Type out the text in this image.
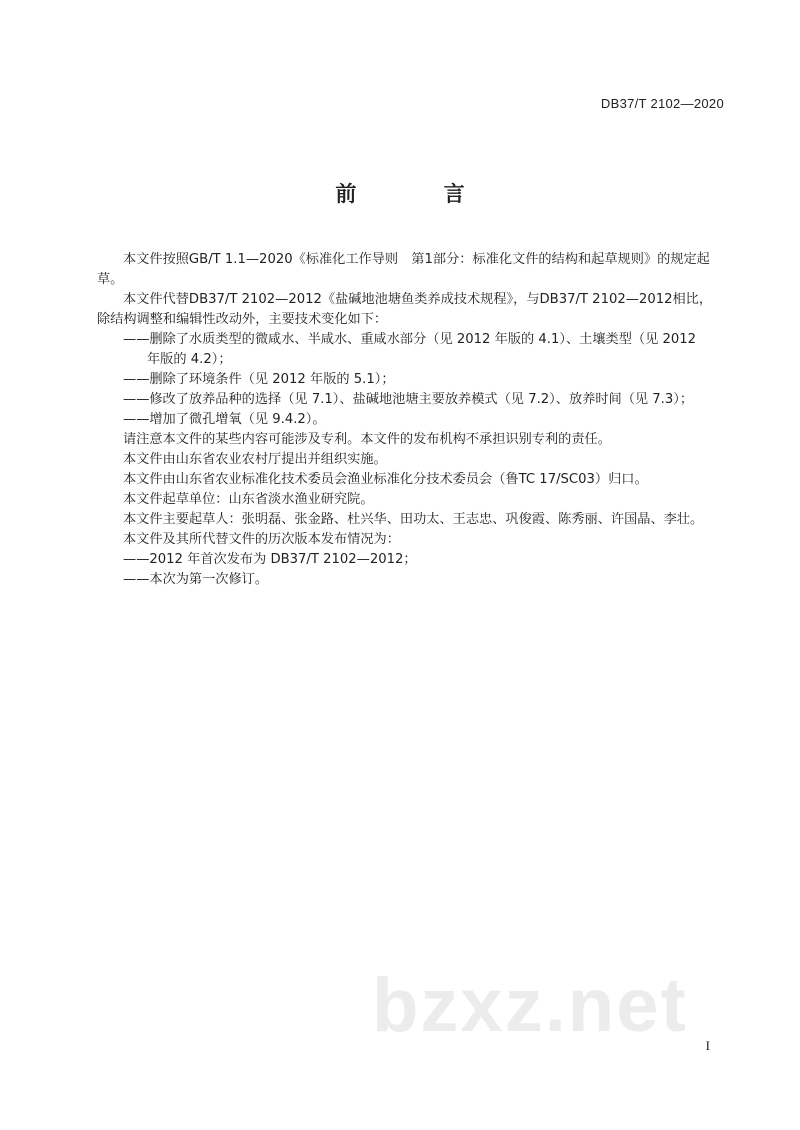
DB37/T 2102—2020
前 言

本文件按照GB/T 1.1—2020《标准化工作导则　第1部分：标准化文件的结构和起草规则》的规定起草。

本文件代替DB37/T 2102—2012《盐碱地池塘鱼类养成技术规程》，与DB37/T 2102—2012相比，除结构调整和编辑性改动外，主要技术变化如下：

——删除了水质类型的微咸水、半咸水、重咸水部分（见 2012 年版的 4.1）、土壤类型（见 2012
年版的 4.2）；

——删除了环境条件（见 2012 年版的 5.1）；

——修改了放养品种的选择（见 7.1）、盐碱地池塘主要放养模式（见 7.2）、放养时间（见 7.3）；

——增加了微孔增氧（见 9.4.2）。

请注意本文件的某些内容可能涉及专利。本文件的发布机构不承担识别专利的责任。

本文件由山东省农业农村厅提出并组织实施。

本文件由山东省农业标准化技术委员会渔业标准化分技术委员会（鲁TC 17/SC03）归口。

本文件起草单位：山东省淡水渔业研究院。

本文件主要起草人：张明磊、张金路、杜兴华、田功太、王志忠、巩俊霞、陈秀丽、许国晶、李壮。

本文件及其所代替文件的历次版本发布情况为：

——2012 年首次发布为 DB37/T 2102—2012；

——本次为第一次修订。

bzxz.net I
